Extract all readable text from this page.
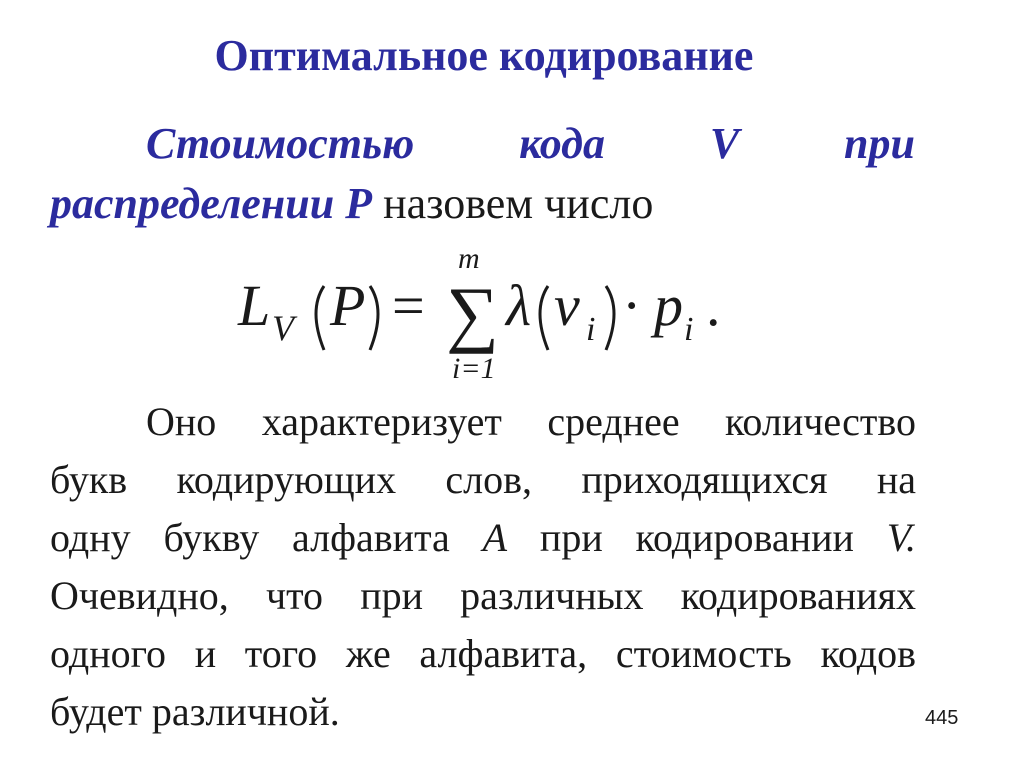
Оптимальное кодирование
Стоимостью кода V при
распределении P назовем число
L V P =
m
∑
i=1
λ v i · p i .
Оно характеризует среднее количество
букв кодирующих слов, приходящихся на
одну букву алфавита A при кодировании V.
Очевидно, что при различных кодированиях
одного и того же алфавита, стоимость кодов
будет различной.	445
